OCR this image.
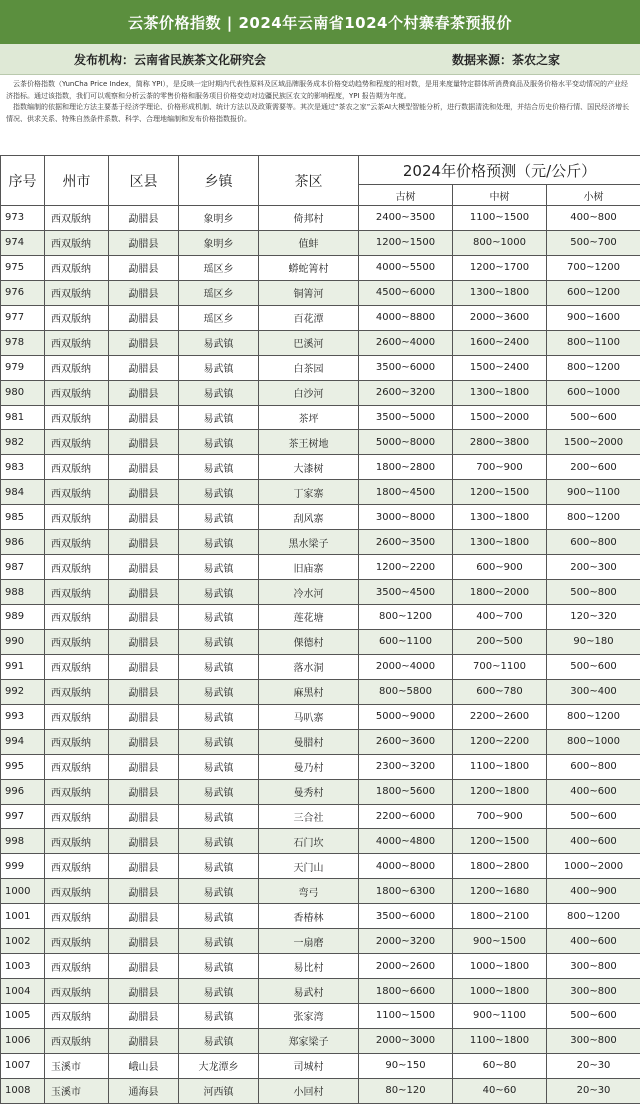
云茶价格指数 | 2024年云南省1024个村寨春茶预报价
发布机构：云南省民族茶文化研究会	数据来源：茶农之家

云茶价格指数（YunCha Price Index，简称 YPI），是反映一定时期内代表性原料及区域品牌服务成本价格变动趋势和程度的相对数，是用来度量特定群体所消费商品及服务价格水平变动情况的产业经济指标。通过该指数，我们可以观察和分析云茶的零售价格和服务项目价格变动对边疆民族区农文的影响程度，YPI 报告期为年度。

指数编制的依据和理论方法主要基于经济学理论、价格形成机制、统计方法以及政策需要等。其次是通过“茶农之家”云茶AI大模型智能分析，进行数据清洗和处理，并结合历史价格行情、国民经济增长情况、供求关系、特殊自然条件系数、科学、合理地编制和发布价格指数报价。

序号	州市	区县	乡镇	茶区	2024年价格预测（元/公斤）		
					古树	中树	小树
973	西双版纳	勐腊县	象明乡	倚邦村	2400~3500	1100~1500	400~800
974	西双版纳	勐腊县	象明乡	值蚌	1200~1500	800~1000	500~700
975	西双版纳	勐腊县	瑶区乡	蟒蛇箐村	4000~5500	1200~1700	700~1200
976	西双版纳	勐腊县	瑶区乡	铜箐河	4500~6000	1300~1800	600~1200
977	西双版纳	勐腊县	瑶区乡	百花潭	4000~8800	2000~3600	900~1600
978	西双版纳	勐腊县	易武镇	巴溪河	2600~4000	1600~2400	800~1100
979	西双版纳	勐腊县	易武镇	白茶园	3500~6000	1500~2400	800~1200
980	西双版纳	勐腊县	易武镇	白沙河	2600~3200	1300~1800	600~1000
981	西双版纳	勐腊县	易武镇	茶坪	3500~5000	1500~2000	500~600
982	西双版纳	勐腊县	易武镇	茶王树地	5000~8000	2800~3800	1500~2000
983	西双版纳	勐腊县	易武镇	大漆树	1800~2800	700~900	200~600
984	西双版纳	勐腊县	易武镇	丁家寨	1800~4500	1200~1500	900~1100
985	西双版纳	勐腊县	易武镇	刮风寨	3000~8000	1300~1800	800~1200
986	西双版纳	勐腊县	易武镇	黑水梁子	2600~3500	1300~1800	600~800
987	西双版纳	勐腊县	易武镇	旧庙寨	1200~2200	600~900	200~300
988	西双版纳	勐腊县	易武镇	冷水河	3500~4500	1800~2000	500~800
989	西双版纳	勐腊县	易武镇	莲花塘	800~1200	400~700	120~320
990	西双版纳	勐腊县	易武镇	倮德村	600~1100	200~500	90~180
991	西双版纳	勐腊县	易武镇	落水洞	2000~4000	700~1100	500~600
992	西双版纳	勐腊县	易武镇	麻黑村	800~5800	600~780	300~400
993	西双版纳	勐腊县	易武镇	马叭寨	5000~9000	2200~2600	800~1200
994	西双版纳	勐腊县	易武镇	曼腊村	2600~3600	1200~2200	800~1000
995	西双版纳	勐腊县	易武镇	曼乃村	2300~3200	1100~1800	600~800
996	西双版纳	勐腊县	易武镇	曼秀村	1800~5600	1200~1800	400~600
997	西双版纳	勐腊县	易武镇	三合社	2200~6000	700~900	500~600
998	西双版纳	勐腊县	易武镇	石门坎	4000~4800	1200~1500	400~600
999	西双版纳	勐腊县	易武镇	天门山	4000~8000	1800~2800	1000~2000
1000	西双版纳	勐腊县	易武镇	弯弓	1800~6300	1200~1680	400~900
1001	西双版纳	勐腊县	易武镇	香椿林	3500~6000	1800~2100	800~1200
1002	西双版纳	勐腊县	易武镇	一扇磨	2000~3200	900~1500	400~600
1003	西双版纳	勐腊县	易武镇	易比村	2000~2600	1000~1800	300~800
1004	西双版纳	勐腊县	易武镇	易武村	1800~6600	1000~1800	300~800
1005	西双版纳	勐腊县	易武镇	张家湾	1100~1500	900~1100	500~600
1006	西双版纳	勐腊县	易武镇	郑家梁子	2000~3000	1100~1800	300~800
1007	玉溪市	峨山县	大龙潭乡	司城村	90~150	60~80	20~30
1008	玉溪市	通海县	河西镇	小回村	80~120	40~60	20~30
